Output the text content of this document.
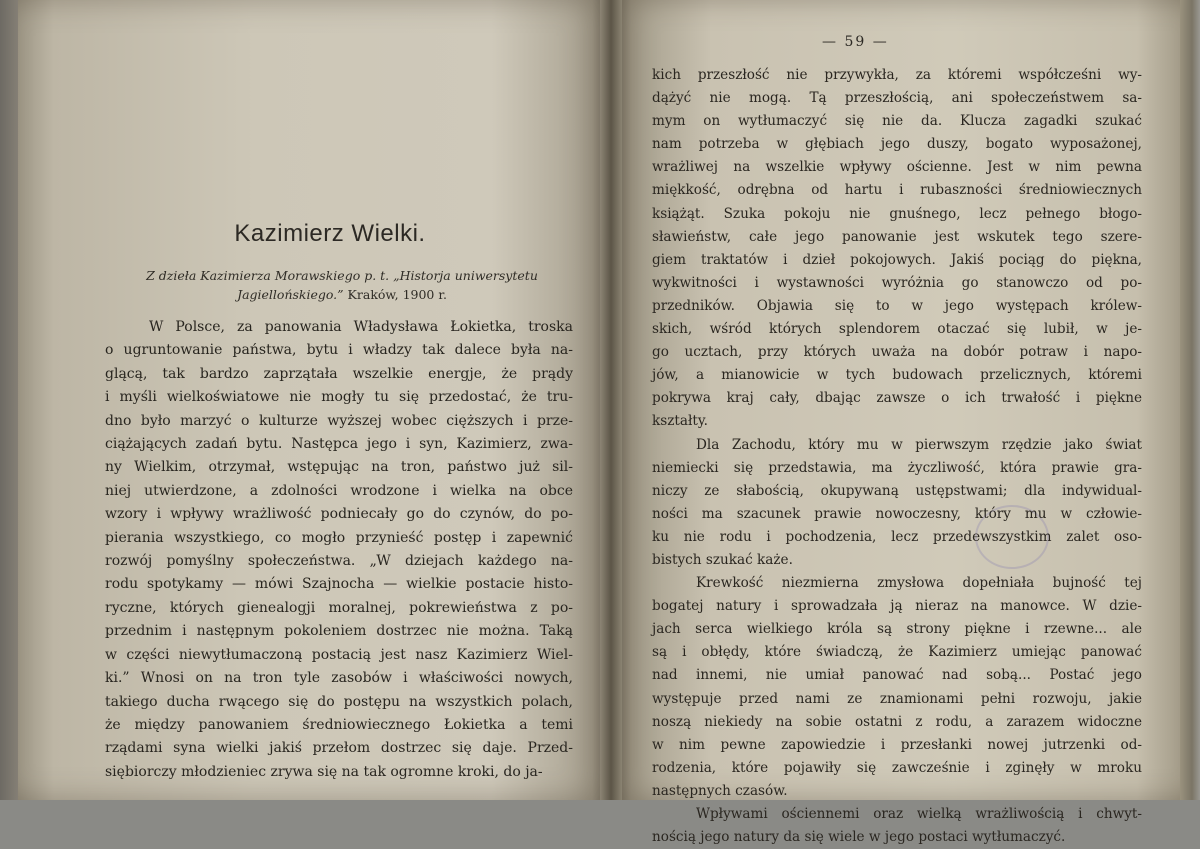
Kazimierz Wielki.
Z dzieła Kazimierza Morawskiego p. t. „Historja uniwersytetu Jagiellońskiego.” Kraków, 1900 r.
W Polsce, za panowania Władysława Łokietka, troska
o ugruntowanie państwa, bytu i władzy tak dalece była na-
glącą, tak bardzo zaprzątała wszelkie energje, że prądy
i myśli wielkoświatowe nie mogły tu się przedostać, że tru-
dno było marzyć o kulturze wyższej wobec cięższych i prze-
ciążających zadań bytu. Następca jego i syn, Kazimierz, zwa-
ny Wielkim, otrzymał, wstępując na tron, państwo już sil-
niej utwierdzone, a zdolności wrodzone i wielka na obce
wzory i wpływy wrażliwość podniecały go do czynów, do po-
pierania wszystkiego, co mogło przynieść postęp i zapewnić
rozwój pomyślny społeczeństwa. „W dziejach każdego na-
rodu spotykamy — mówi Szajnocha — wielkie postacie histo-
ryczne, których gienealogji moralnej, pokrewieństwa z po-
przednim i następnym pokoleniem dostrzec nie można. Taką
w części niewytłumaczoną postacią jest nasz Kazimierz Wiel-
ki.” Wnosi on na tron tyle zasobów i właściwości nowych,
takiego ducha rwącego się do postępu na wszystkich polach,
że między panowaniem średniowiecznego Łokietka a temi
rządami syna wielki jakiś przełom dostrzec się daje. Przed-
siębiorczy młodzieniec zrywa się na tak ogromne kroki, do ja-
— 59 —
kich przeszłość nie przywykła, za któremi współcześni wy-
dążyć nie mogą. Tą przeszłością, ani społeczeństwem sa-
mym on wytłumaczyć się nie da. Klucza zagadki szukać
nam potrzeba w głębiach jego duszy, bogato wyposażonej,
wrażliwej na wszelkie wpływy ościenne. Jest w nim pewna
miękkość, odrębna od hartu i rubaszności średniowiecznych
książąt. Szuka pokoju nie gnuśnego, lecz pełnego błogo-
sławieństw, całe jego panowanie jest wskutek tego szere-
giem traktatów i dzieł pokojowych. Jakiś pociąg do piękna,
wykwitności i wystawności wyróżnia go stanowczo od po-
przedników. Objawia się to w jego występach królew-
skich, wśród których splendorem otaczać się lubił, w je-
go ucztach, przy których uważa na dobór potraw i napo-
jów, a mianowicie w tych budowach przelicznych, któremi
pokrywa kraj cały, dbając zawsze o ich trwałość i piękne
kształty.
Dla Zachodu, który mu w pierwszym rzędzie jako świat
niemiecki się przedstawia, ma życzliwość, która prawie gra-
niczy ze słabością, okupywaną ustępstwami; dla indywidual-
ności ma szacunek prawie nowoczesny, który mu w człowie-
ku nie rodu i pochodzenia, lecz przedewszystkim zalet oso-
bistych szukać każe.
Krewkość niezmierna zmysłowa dopełniała bujność tej
bogatej natury i sprowadzała ją nieraz na manowce. W dzie-
jach serca wielkiego króla są strony piękne i rzewne... ale
są i obłędy, które świadczą, że Kazimierz umiejąc panować
nad innemi, nie umiał panować nad sobą... Postać jego
występuje przed nami ze znamionami pełni rozwoju, jakie
noszą niekiedy na sobie ostatni z rodu, a zarazem widoczne
w nim pewne zapowiedzie i przesłanki nowej jutrzenki od-
rodzenia, które pojawiły się zawcześnie i zginęły w mroku
następnych czasów.
Wpływami ościennemi oraz wielką wrażliwością i chwyt-
nością jego natury da się wiele w jego postaci wytłumaczyć.
